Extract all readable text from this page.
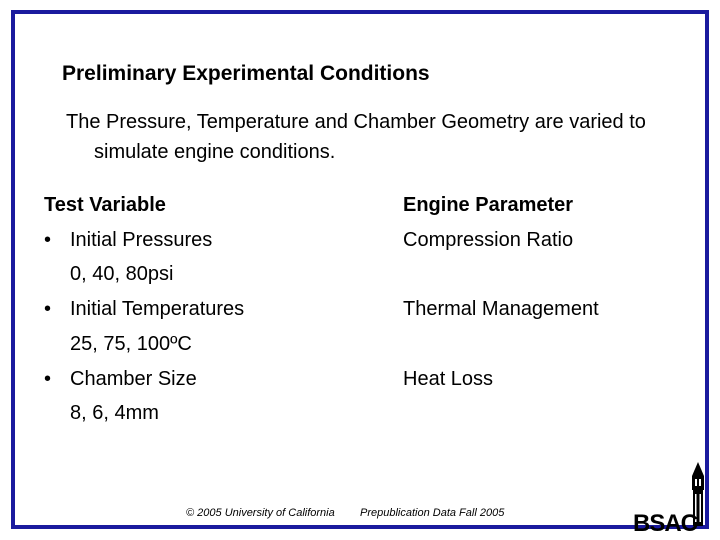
Preliminary Experimental Conditions
The Pressure, Temperature and Chamber Geometry are varied to simulate engine conditions.
Test Variable
• Initial Pressures
0, 40, 80psi
• Initial Temperatures
25, 75, 100ºC
• Chamber Size
8, 6, 4mm
Engine Parameter
Compression Ratio
Thermal Management
Heat Loss
© 2005 University of California Prepublication Data Fall 2005	BSAC
